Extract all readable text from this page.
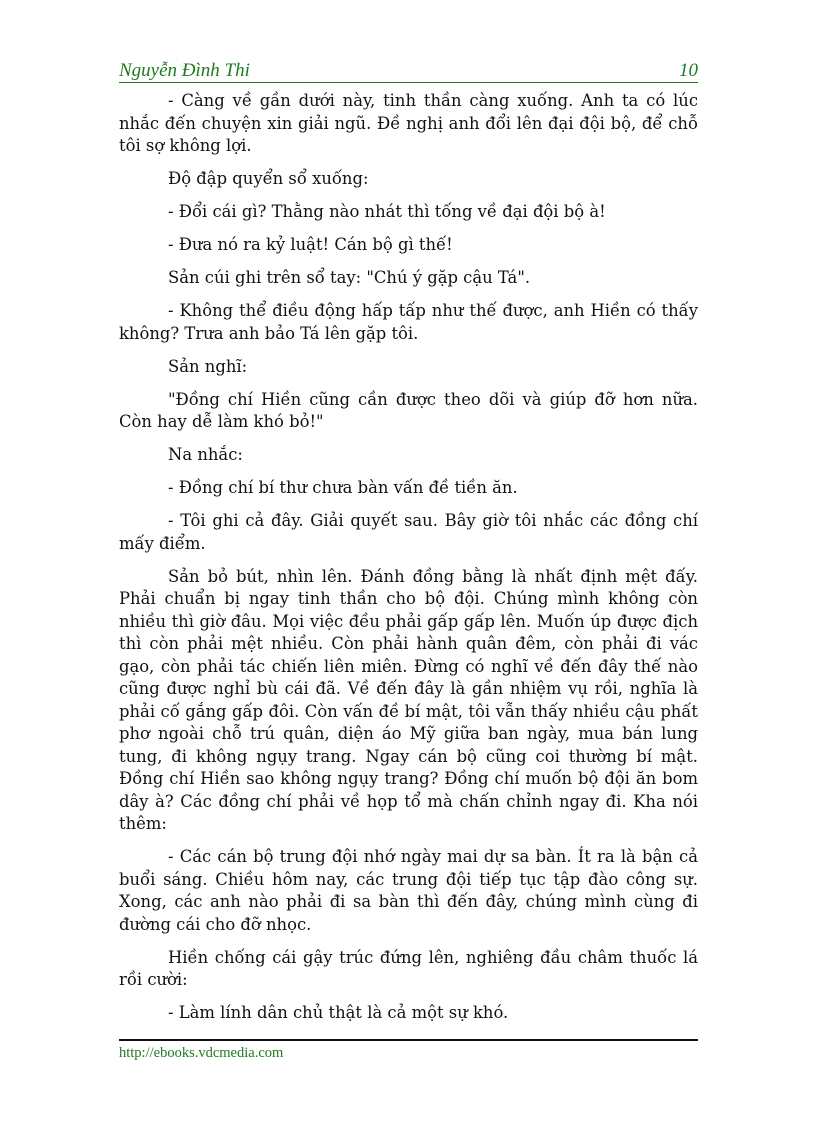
Nguyễn Đình Thi	10

- Càng về gần dưới này, tinh thần càng xuống. Anh ta có lúc nhắc đến chuyện xin giải ngũ. Đề nghị anh đổi lên đại đội bộ, để chỗ tôi sợ không lợi.

Độ đập quyển sổ xuống:

- Đổi cái gì? Thằng nào nhát thì tống về đại đội bộ à!

- Đưa nó ra kỷ luật! Cán bộ gì thế!

Sản cúi ghi trên sổ tay: "Chú ý gặp cậu Tá".

- Không thể điều động hấp tấp như thế được, anh Hiền có thấy không? Trưa anh bảo Tá lên gặp tôi.

Sản nghĩ:

"Đồng chí Hiền cũng cần được theo dõi và giúp đỡ hơn nữa. Còn hay dễ làm khó bỏ!"

Na nhắc:

- Đồng chí bí thư chưa bàn vấn đề tiền ăn.

- Tôi ghi cả đây. Giải quyết sau. Bây giờ tôi nhắc các đồng chí mấy điểm.

Sản bỏ bút, nhìn lên. Đánh đồng bằng là nhất định mệt đấy. Phải chuẩn bị ngay tinh thần cho bộ đội. Chúng mình không còn nhiều thì giờ đâu. Mọi việc đều phải gấp gấp lên. Muốn úp được địch thì còn phải mệt nhiều. Còn phải hành quân đêm, còn phải đi vác gạo, còn phải tác chiến liên miên. Đừng có nghĩ về đến đây thế nào cũng được nghỉ bù cái đã. Về đến đây là gần nhiệm vụ rồi, nghĩa là phải cố gắng gấp đôi. Còn vấn đề bí mật, tôi vẫn thấy nhiều cậu phất phơ ngoài chỗ trú quân, diện áo Mỹ giữa ban ngày, mua bán lung tung, đi không ngụy trang. Ngay cán bộ cũng coi thường bí mật. Đồng chí Hiền sao không ngụy trang? Đồng chí muốn bộ đội ăn bom dây à? Các đồng chí phải về họp tổ mà chấn chỉnh ngay đi. Kha nói thêm:

- Các cán bộ trung đội nhớ ngày mai dự sa bàn. Ít ra là bận cả buổi sáng. Chiều hôm nay, các trung đội tiếp tục tập đào công sự. Xong, các anh nào phải đi sa bàn thì đến đây, chúng mình cùng đi đường cái cho đỡ nhọc.

Hiền chống cái gậy trúc đứng lên, nghiêng đầu châm thuốc lá rồi cười:

- Làm lính dân chủ thật là cả một sự khó.

http://ebooks.vdcmedia.com
